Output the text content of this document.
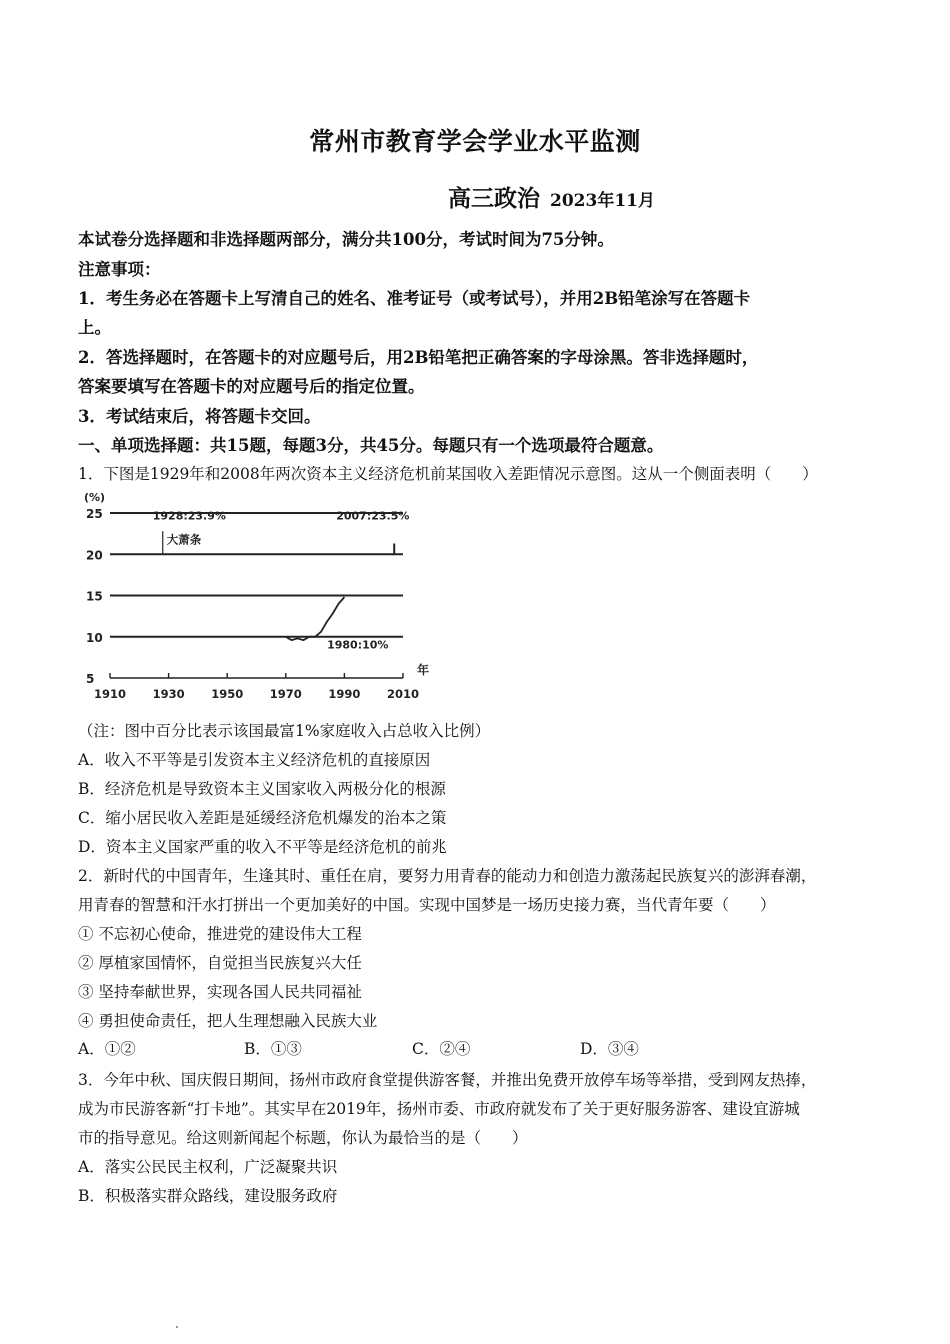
常州市教育学会学业水平监测
高三政治 2023年11月
本试卷分选择题和非选择题两部分，满分共100分，考试时间为75分钟。
注意事项：
1．考生务必在答题卡上写清自己的姓名、准考证号（或考试号），并用2B铅笔涂写在答题卡
上。
2．答选择题时，在答题卡的对应题号后，用2B铅笔把正确答案的字母涂黑。答非选择题时，
答案要填写在答题卡的对应题号后的指定位置。
3．考试结束后，将答题卡交回。
一、单项选择题：共15题，每题3分，共45分。每题只有一个选项最符合题意。
1．下图是1929年和2008年两次资本主义经济危机前某国收入差距情况示意图。这从一个侧面表明（　　）
5
10
15
20
25
(%)
1910 1930 1950 1970 1990 2010
年
1928:23.9%
大萧条
2007:23.5%
1980:10%
（注：图中百分比表示该国最富1%家庭收入占总收入比例）
A．收入不平等是引发资本主义经济危机的直接原因
B．经济危机是导致资本主义国家收入两极分化的根源
C．缩小居民收入差距是延缓经济危机爆发的治本之策
D．资本主义国家严重的收入不平等是经济危机的前兆
2．新时代的中国青年，生逢其时、重任在肩，要努力用青春的能动力和创造力激荡起民族复兴的澎湃春潮，
用青春的智慧和汗水打拼出一个更加美好的中国。实现中国梦是一场历史接力赛，当代青年要（　　）
① 不忘初心使命，推进党的建设伟大工程
② 厚植家国情怀，自觉担当民族复兴大任
③ 坚持奉献世界，实现各国人民共同福祉
④ 勇担使命责任，把人生理想融入民族大业
A．①②	B．①③	C．②④	D．③④
3．今年中秋、国庆假日期间，扬州市政府食堂提供游客餐，并推出免费开放停车场等举措，受到网友热捧，
成为市民游客新“打卡地”。其实早在2019年，扬州市委、市政府就发布了关于更好服务游客、建设宜游城
市的指导意见。给这则新闻起个标题，你认为最恰当的是（　　）
A．落实公民民主权利，广泛凝聚共识
B．积极落实群众路线，建设服务政府
